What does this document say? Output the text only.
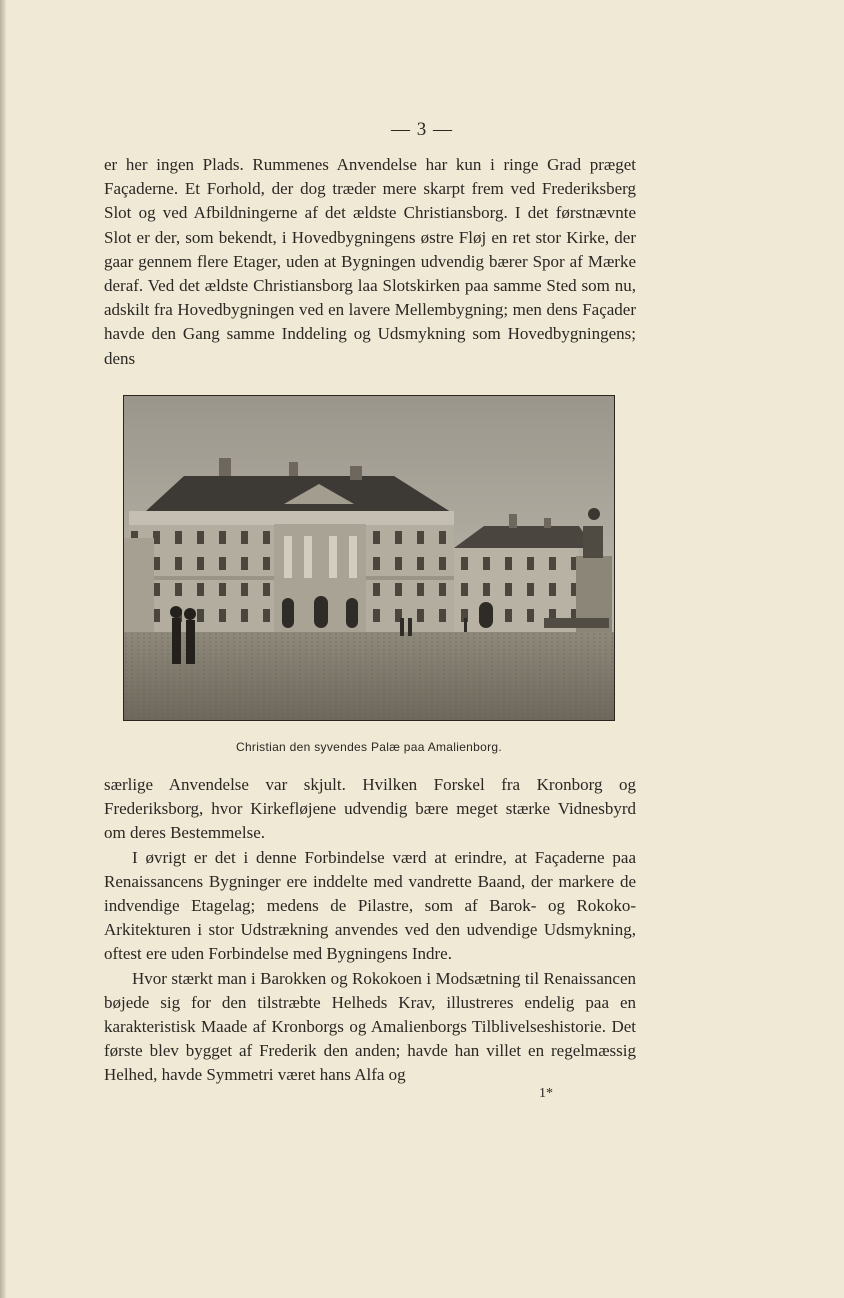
— 3 —

er her ingen Plads. Rummenes Anvendelse har kun i ringe Grad præget Façaderne. Et Forhold, der dog træder mere skarpt frem ved Frederiksberg Slot og ved Afbildningerne af det ældste Christiansborg. I det førstnævnte Slot er der, som bekendt, i Hovedbygningens østre Fløj en ret stor Kirke, der gaar gennem flere Etager, uden at Bygningen udvendig bærer Spor af Mærke deraf. Ved det ældste Christiansborg laa Slotskirken paa samme Sted som nu, adskilt fra Hovedbygningen ved en lavere Mellembygning; men dens Façader havde den Gang samme Inddeling og Udsmykning som Hovedbygningens; dens

Christian den syvendes Palæ paa Amalienborg.

særlige Anvendelse var skjult. Hvilken Forskel fra Kronborg og Frederiksborg, hvor Kirkefløjene udvendig bære meget stærke Vidnesbyrd om deres Bestemmelse.

I øvrigt er det i denne Forbindelse værd at erindre, at Façaderne paa Renaissancens Bygninger ere inddelte med vandrette Baand, der markere de indvendige Etagelag; medens de Pilastre, som af Barok- og Rokoko-Arkitekturen i stor Udstrækning anvendes ved den udvendige Udsmykning, oftest ere uden Forbindelse med Bygningens Indre.

Hvor stærkt man i Barokken og Rokokoen i Modsætning til Renaissancen bøjede sig for den tilstræbte Helheds Krav, illustreres endelig paa en karakteristisk Maade af Kronborgs og Amalienborgs Tilblivelseshistorie. Det første blev bygget af Frederik den anden; havde han villet en regelmæssig Helhed, havde Symmetri været hans Alfa og

1*
